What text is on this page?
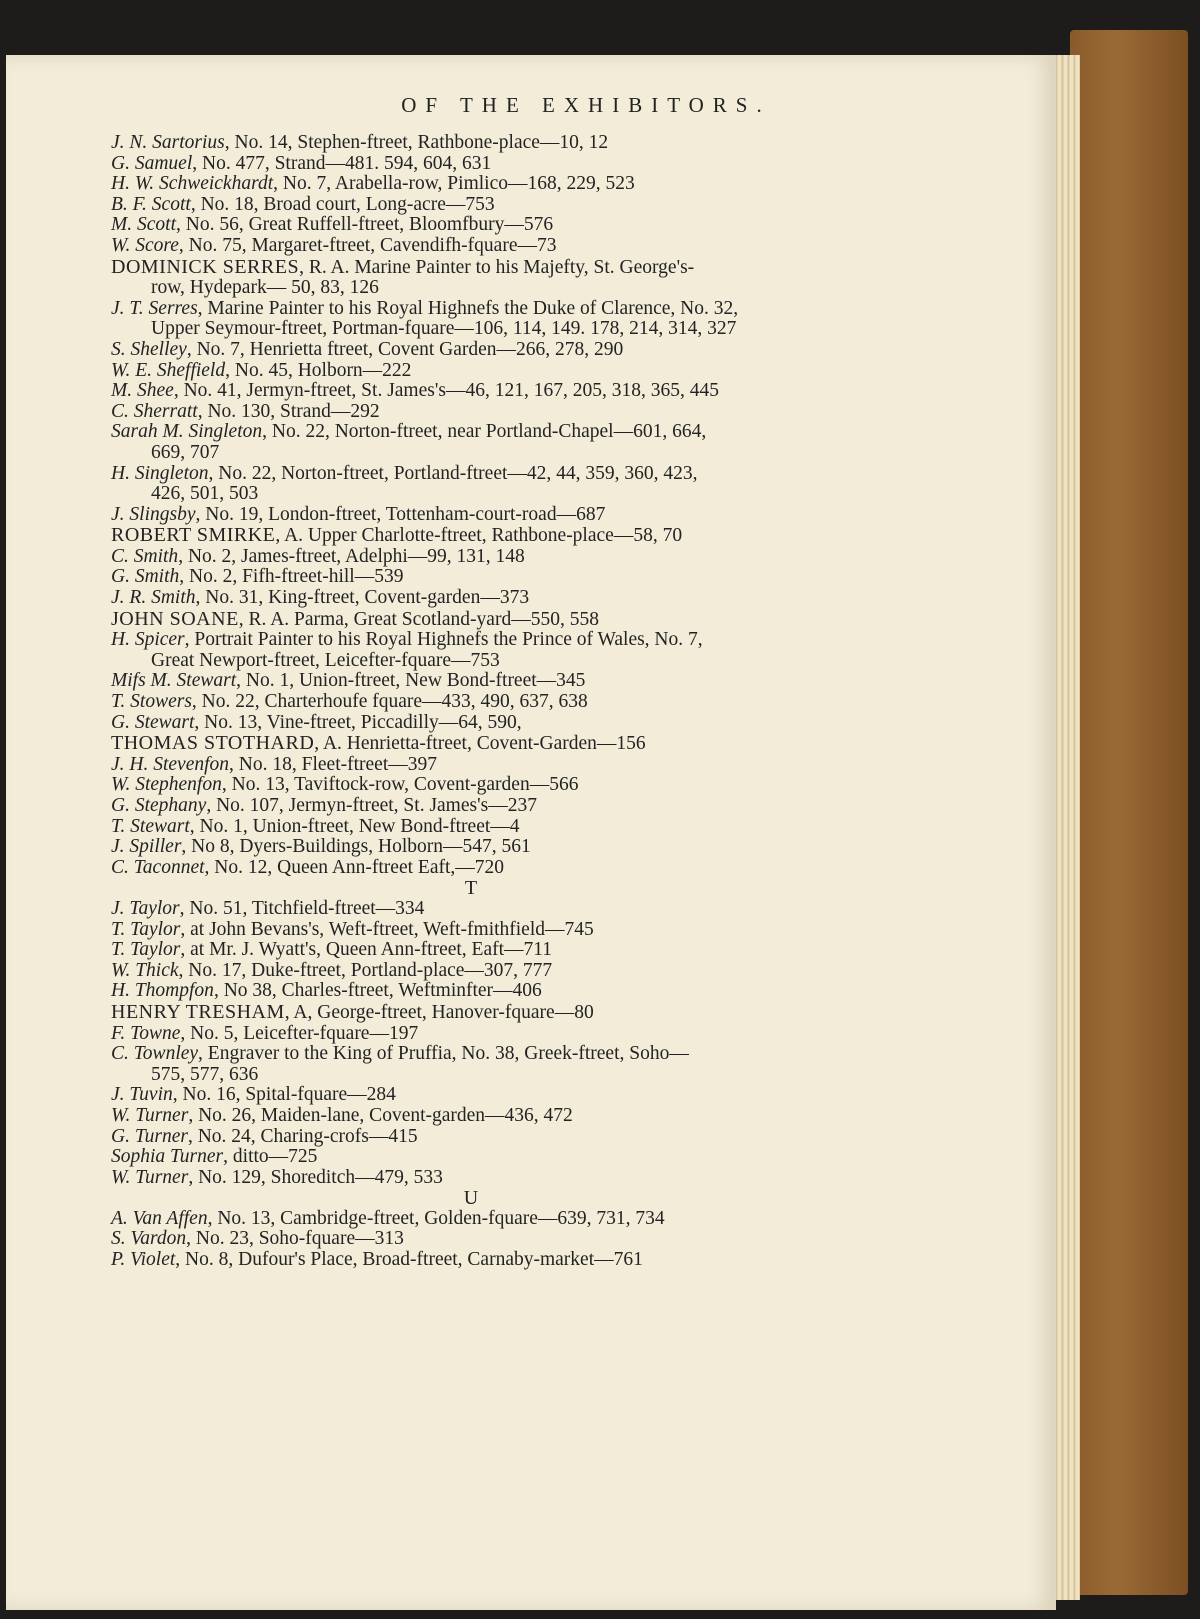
OF THE EXHIBITORS.
J. N. Sartorius, No. 14, Stephen-ftreet, Rathbone-place—10, 12
G. Samuel, No. 477, Strand—481. 594, 604, 631
H. W. Schweickhardt, No. 7, Arabella-row, Pimlico—168, 229, 523
B. F. Scott, No. 18, Broad court, Long-acre—753
M. Scott, No. 56, Great Ruffell-ftreet, Bloomfbury—576
W. Score, No. 75, Margaret-ftreet, Cavendifh-fquare—73
DOMINICK SERRES, R. A. Marine Painter to his Majefty, St. George's-
row, Hydepark— 50, 83, 126
J. T. Serres, Marine Painter to his Royal Highnefs the Duke of Clarence, No. 32,
Upper Seymour-ftreet, Portman-fquare—106, 114, 149. 178, 214, 314, 327
S. Shelley, No. 7, Henrietta ftreet, Covent Garden—266, 278, 290
W. E. Sheffield, No. 45, Holborn—222
M. Shee, No. 41, Jermyn-ftreet, St. James's—46, 121, 167, 205, 318, 365, 445
C. Sherratt, No. 130, Strand—292
Sarah M. Singleton, No. 22, Norton-ftreet, near Portland-Chapel—601, 664,
669, 707
H. Singleton, No. 22, Norton-ftreet, Portland-ftreet—42, 44, 359, 360, 423,
426, 501, 503
J. Slingsby, No. 19, London-ftreet, Tottenham-court-road—687
ROBERT SMIRKE, A. Upper Charlotte-ftreet, Rathbone-place—58, 70
C. Smith, No. 2, James-ftreet, Adelphi—99, 131, 148
G. Smith, No. 2, Fifh-ftreet-hill—539
J. R. Smith, No. 31, King-ftreet, Covent-garden—373
JOHN SOANE, R. A. Parma, Great Scotland-yard—550, 558
H. Spicer, Portrait Painter to his Royal Highnefs the Prince of Wales, No. 7,
Great Newport-ftreet, Leicefter-fquare—753
Mifs M. Stewart, No. 1, Union-ftreet, New Bond-ftreet—345
T. Stowers, No. 22, Charterhoufe fquare—433, 490, 637, 638
G. Stewart, No. 13, Vine-ftreet, Piccadilly—64, 590,
THOMAS STOTHARD, A. Henrietta-ftreet, Covent-Garden—156
J. H. Stevenfon, No. 18, Fleet-ftreet—397
W. Stephenfon, No. 13, Taviftock-row, Covent-garden—566
G. Stephany, No. 107, Jermyn-ftreet, St. James's—237
T. Stewart, No. 1, Union-ftreet, New Bond-ftreet—4
J. Spiller, No 8, Dyers-Buildings, Holborn—547, 561
C. Taconnet, No. 12, Queen Ann-ftreet Eaft,—720
T
J. Taylor, No. 51, Titchfield-ftreet—334
T. Taylor, at John Bevans's, Weft-ftreet, Weft-fmithfield—745
T. Taylor, at Mr. J. Wyatt's, Queen Ann-ftreet, Eaft—711
W. Thick, No. 17, Duke-ftreet, Portland-place—307, 777
H. Thompfon, No 38, Charles-ftreet, Weftminfter—406
HENRY TRESHAM, A, George-ftreet, Hanover-fquare—80
F. Towne, No. 5, Leicefter-fquare—197
C. Townley, Engraver to the King of Pruffia, No. 38, Greek-ftreet, Soho—
575, 577, 636
J. Tuvin, No. 16, Spital-fquare—284
W. Turner, No. 26, Maiden-lane, Covent-garden—436, 472
G. Turner, No. 24, Charing-crofs—415
Sophia Turner, ditto—725
W. Turner, No. 129, Shoreditch—479, 533
U
A. Van Affen, No. 13, Cambridge-ftreet, Golden-fquare—639, 731, 734
S. Vardon, No. 23, Soho-fquare—313
P. Violet, No. 8, Dufour's Place, Broad-ftreet, Carnaby-market—761
